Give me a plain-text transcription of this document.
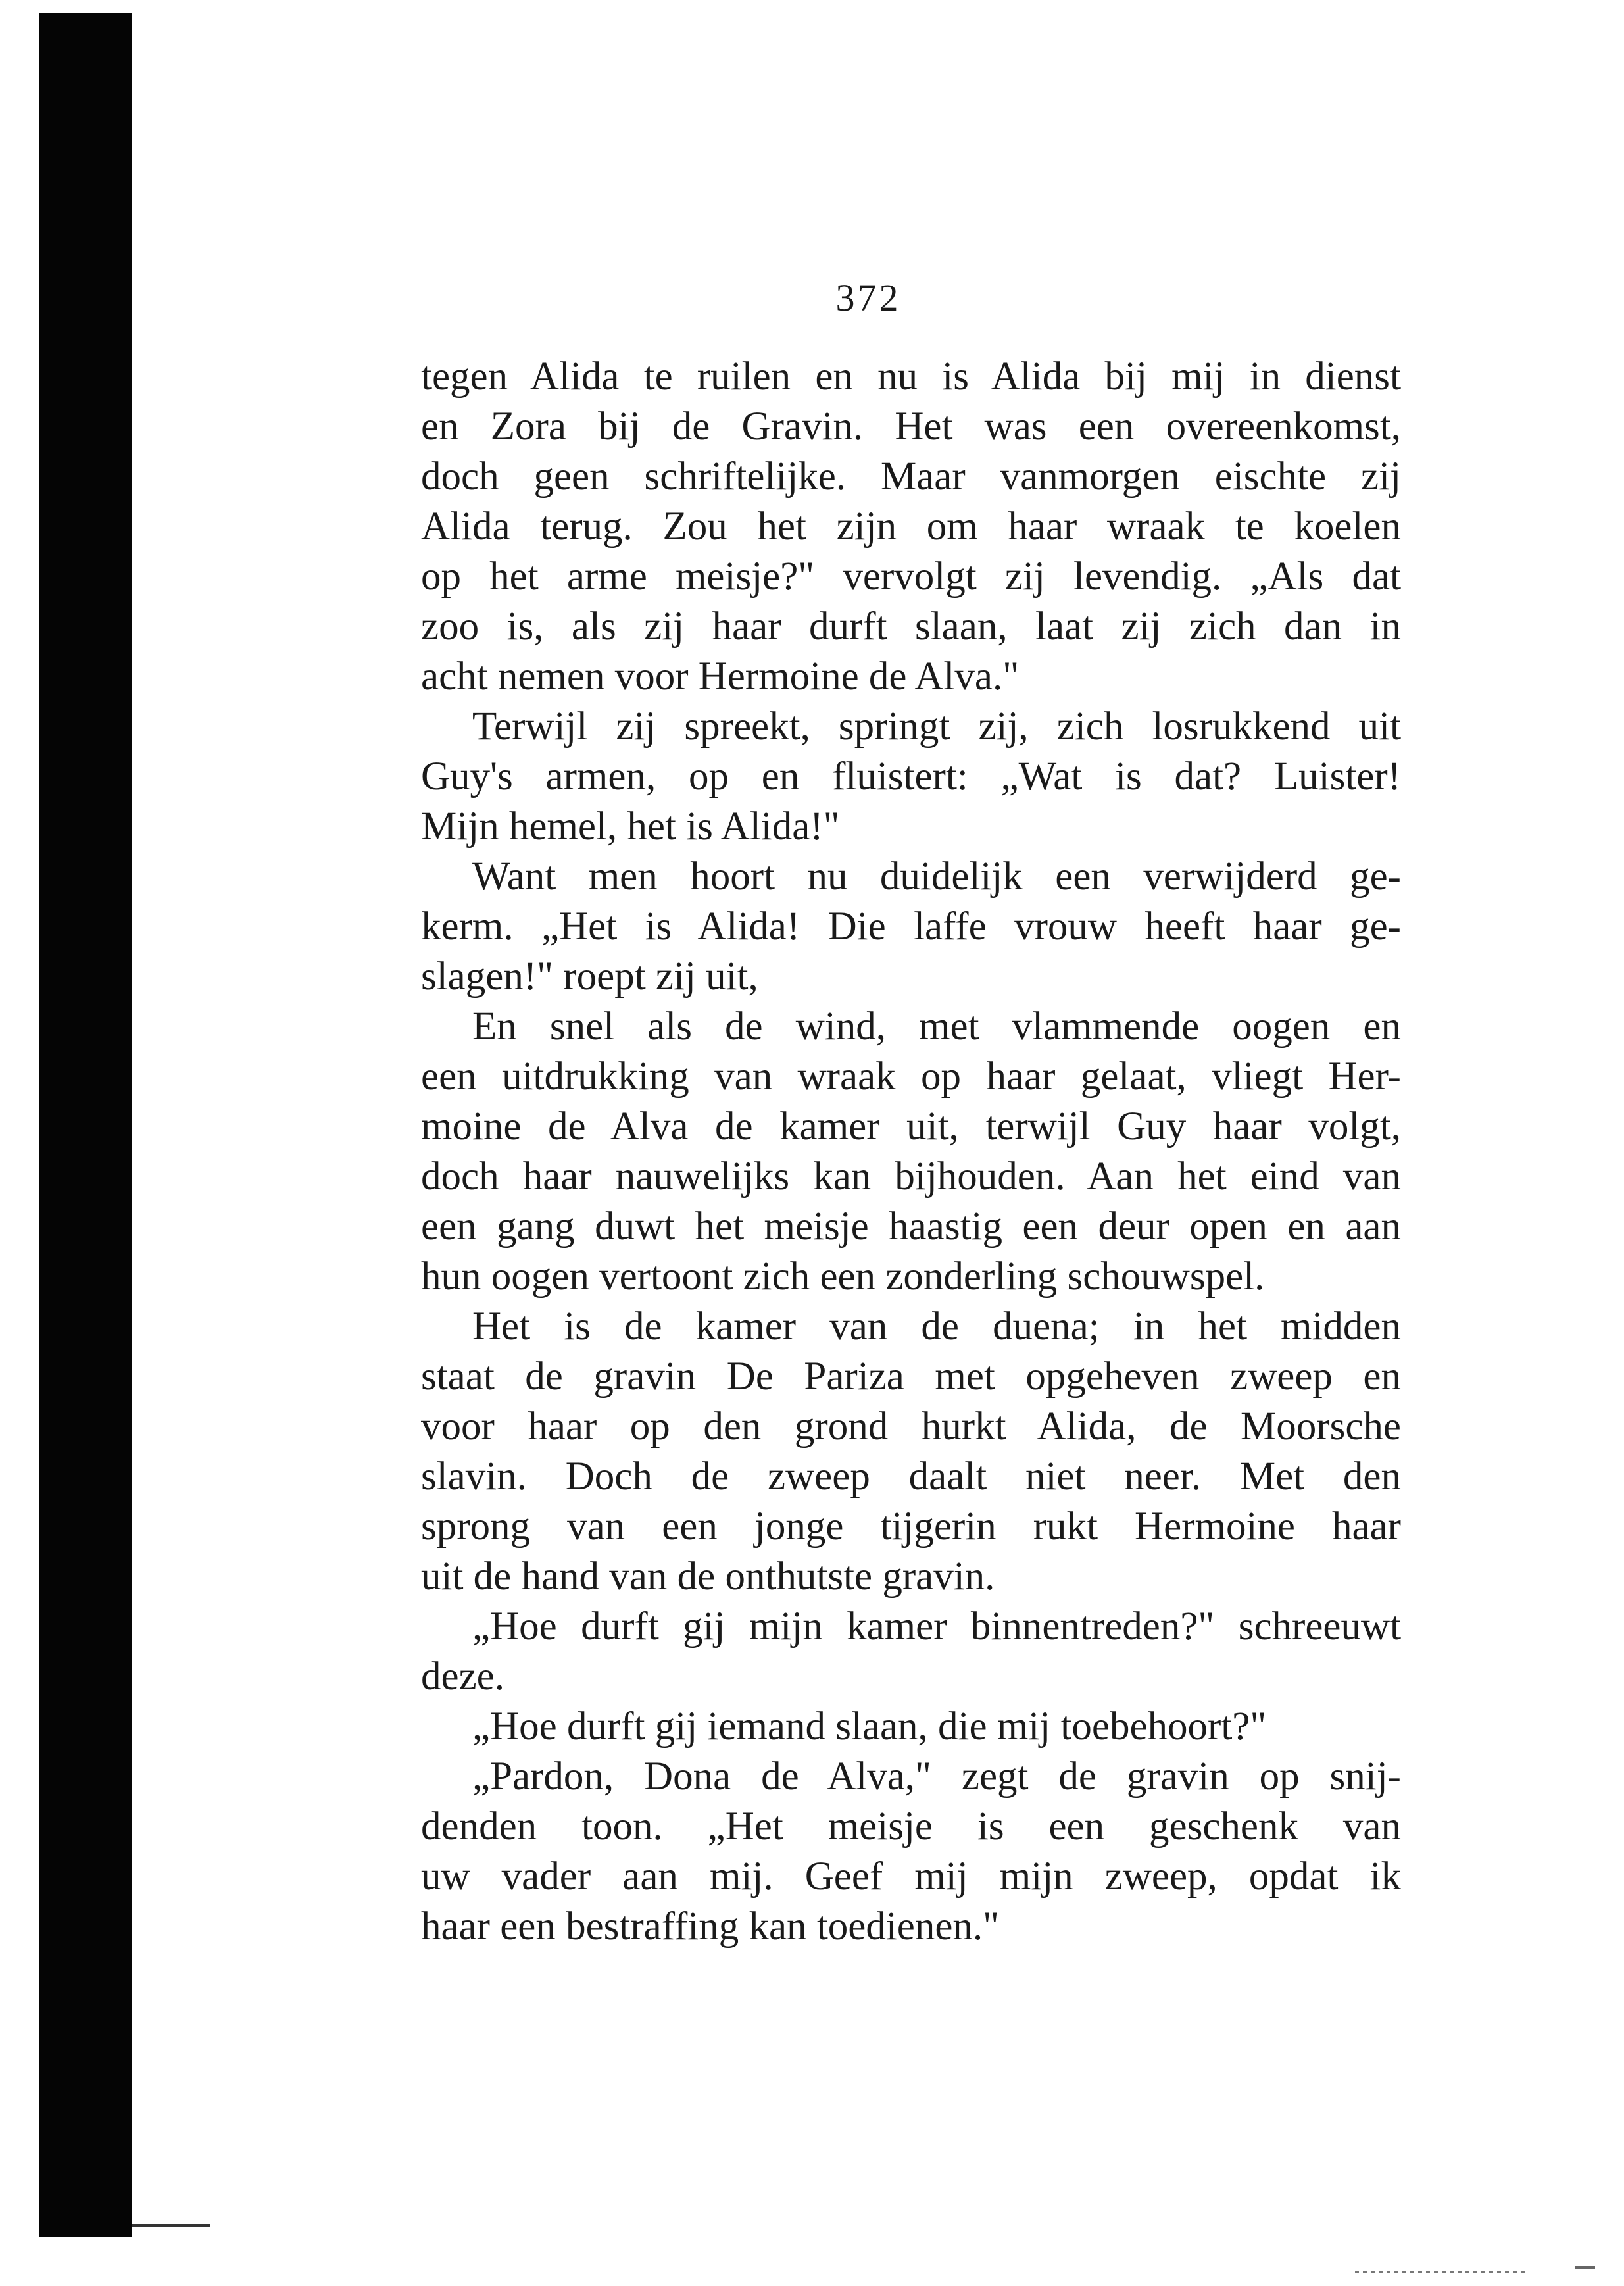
372
tegen Alida te ruilen en nu is Alida bij mij in dienst
en Zora bij de Gravin. Het was een overeenkomst,
doch geen schriftelijke. Maar vanmorgen eischte zij
Alida terug. Zou het zijn om haar wraak te koelen
op het arme meisje?" vervolgt zij levendig. „Als dat
zoo is, als zij haar durft slaan, laat zij zich dan in
acht nemen voor Hermoine de Alva."
Terwijl zij spreekt, springt zij, zich losrukkend uit
Guy's armen, op en fluistert: „Wat is dat? Luister!
Mijn hemel, het is Alida!"
Want men hoort nu duidelijk een verwijderd ge-
kerm. „Het is Alida! Die laffe vrouw heeft haar ge-
slagen!" roept zij uit,
En snel als de wind, met vlammende oogen en
een uitdrukking van wraak op haar gelaat, vliegt Her-
moine de Alva de kamer uit, terwijl Guy haar volgt,
doch haar nauwelijks kan bijhouden. Aan het eind van
een gang duwt het meisje haastig een deur open en aan
hun oogen vertoont zich een zonderling schouwspel.
Het is de kamer van de duena; in het midden
staat de gravin De Pariza met opgeheven zweep en
voor haar op den grond hurkt Alida, de Moorsche
slavin. Doch de zweep daalt niet neer. Met den
sprong van een jonge tijgerin rukt Hermoine haar
uit de hand van de onthutste gravin.
„Hoe durft gij mijn kamer binnentreden?" schreeuwt
deze.
„Hoe durft gij iemand slaan, die mij toebehoort?"
„Pardon, Dona de Alva," zegt de gravin op snij-
denden toon. „Het meisje is een geschenk van
uw vader aan mij. Geef mij mijn zweep, opdat ik
haar een bestraffing kan toedienen."
